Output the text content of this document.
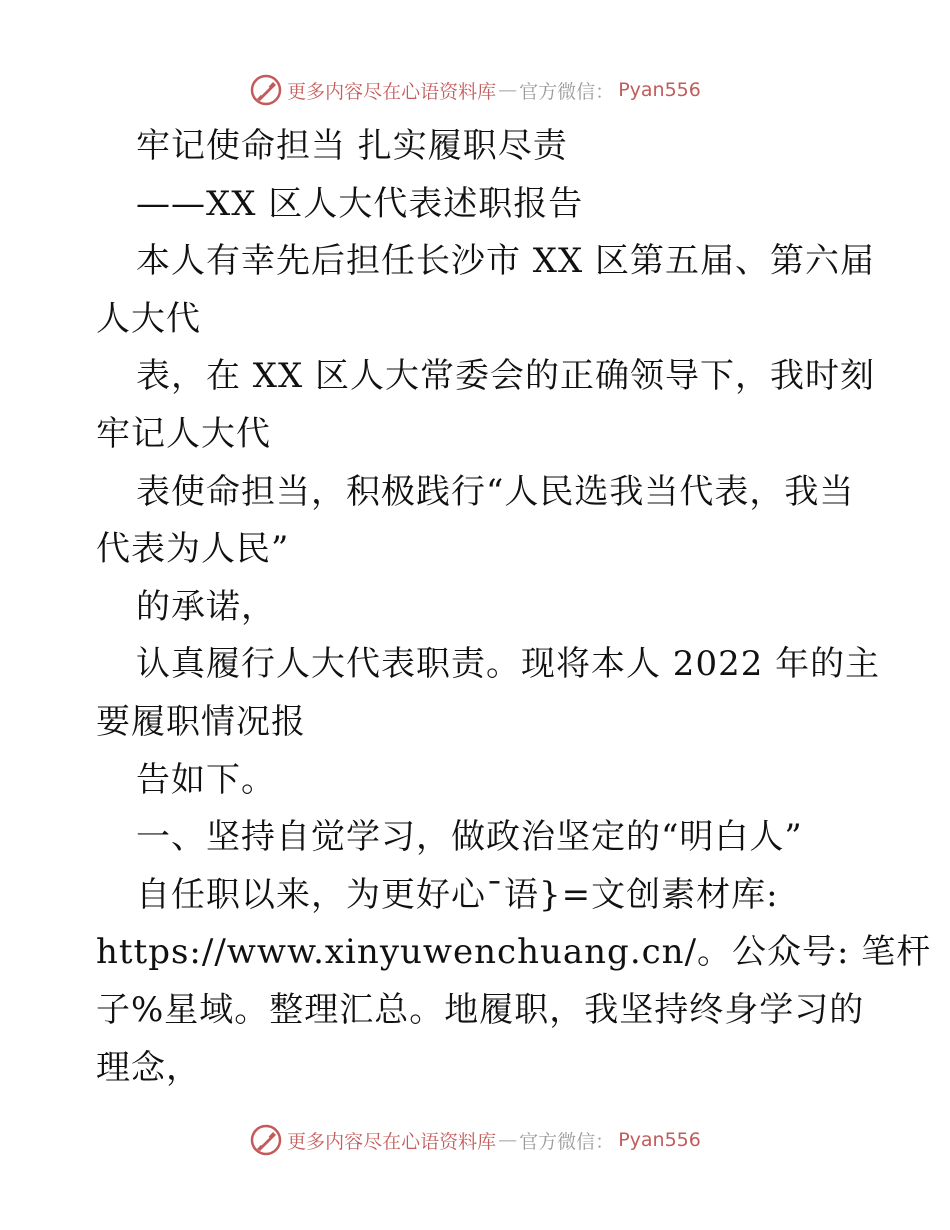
更多内容尽在心语资料库 — 官方微信 ： Pyan556
牢记使命担当 扎实履职尽责
——XX 区人大代表述职报告
本人有幸先后担任长沙市 XX 区第五届、第六届
人大代
表，在 XX 区人大常委会的正确领导下，我时刻
牢记人大代
表使命担当，积极践行“人民选我当代表，我当
代表为人民”
的承诺，
认真履行人大代表职责。现将本人 2022 年的主
要履职情况报
告如下。
一、坚持自觉学习，做政治坚定的“明白人”
自任职以来，为更好心¯语}=文创素材库:
https://www.xinyuwenchuang.cn/。公众号: 笔杆
子%星域。整理汇总。地履职，我坚持终身学习的
理念，
更多内容尽在心语资料库 — 官方微信 ： Pyan556
